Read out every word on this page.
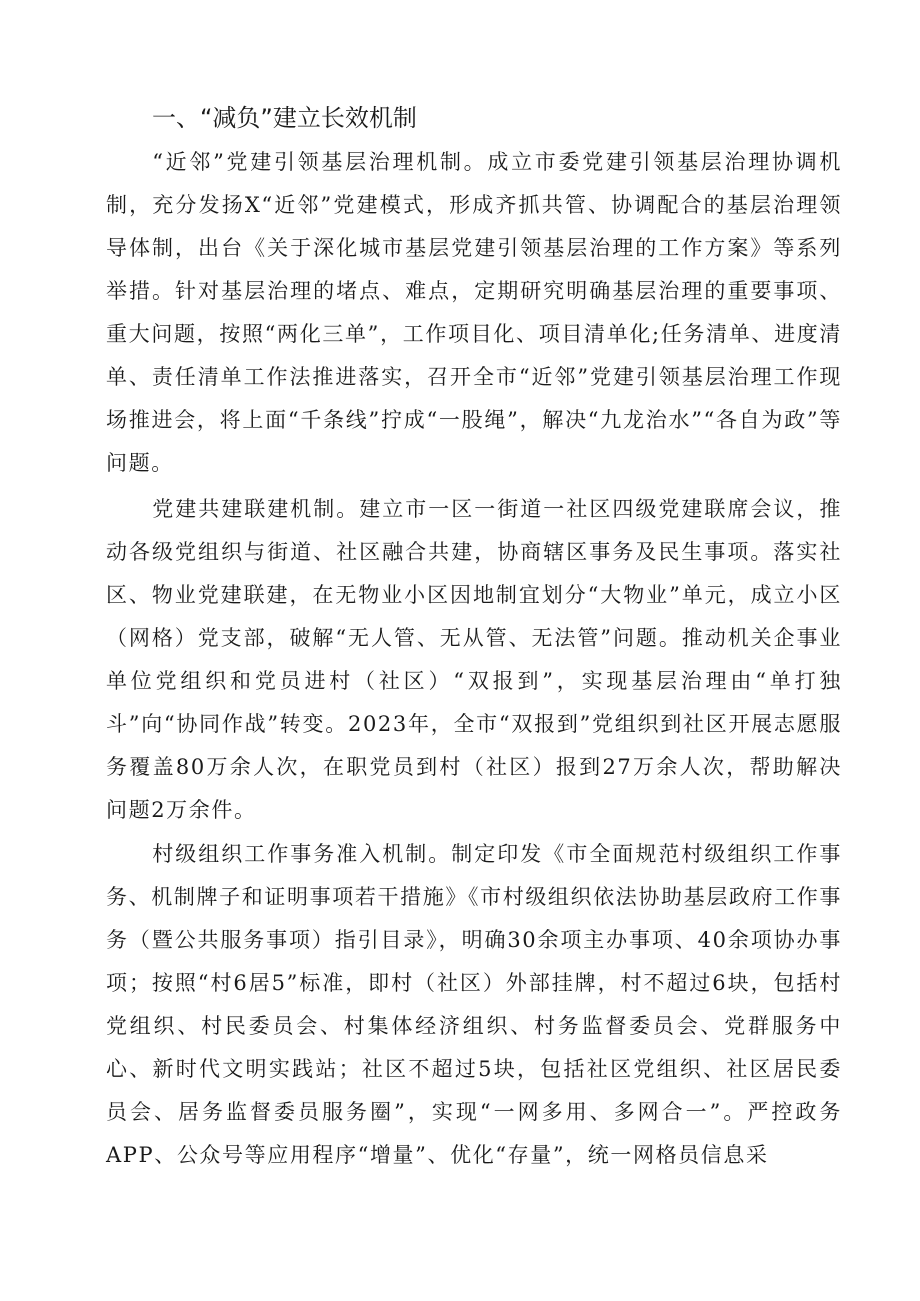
一、“减负”建立长效机制
“近邻”党建引领基层治理机制。成立市委党建引领基层治理协调机制，充分发扬X“近邻”党建模式，形成齐抓共管、协调配合的基层治理领导体制，出台《关于深化城市基层党建引领基层治理的工作方案》等系列举措。针对基层治理的堵点、难点，定期研究明确基层治理的重要事项、重大问题，按照“两化三单”，工作项目化、项目清单化;任务清单、进度清单、责任清单工作法推进落实，召开全市“近邻”党建引领基层治理工作现场推进会，将上面“千条线”拧成“一股绳”，解决“九龙治水”“各自为政”等问题。
党建共建联建机制。建立市一区一街道一社区四级党建联席会议，推动各级党组织与街道、社区融合共建，协商辖区事务及民生事项。落实社区、物业党建联建，在无物业小区因地制宜划分“大物业”单元，成立小区（网格）党支部，破解“无人管、无从管、无法管”问题。推动机关企事业单位党组织和党员进村（社区）“双报到”，实现基层治理由“单打独斗”向“协同作战”转变。2023年，全市“双报到”党组织到社区开展志愿服务覆盖80万余人次，在职党员到村（社区）报到27万余人次，帮助解决问题2万余件。
村级组织工作事务准入机制。制定印发《市全面规范村级组织工作事务、机制牌子和证明事项若干措施》《市村级组织依法协助基层政府工作事务（暨公共服务事项）指引目录》，明确30余项主办事项、40余项协办事项；按照“村6居5”标准，即村（社区）外部挂牌，村不超过6块，包括村党组织、村民委员会、村集体经济组织、村务监督委员会、党群服务中心、新时代文明实践站；社区不超过5块，包括社区党组织、社区居民委员会、居务监督委员服务圈”，实现“一网多用、多网合一”。严控政务APP、公众号等应用程序“增量”、优化“存量”，统一网格员信息采
